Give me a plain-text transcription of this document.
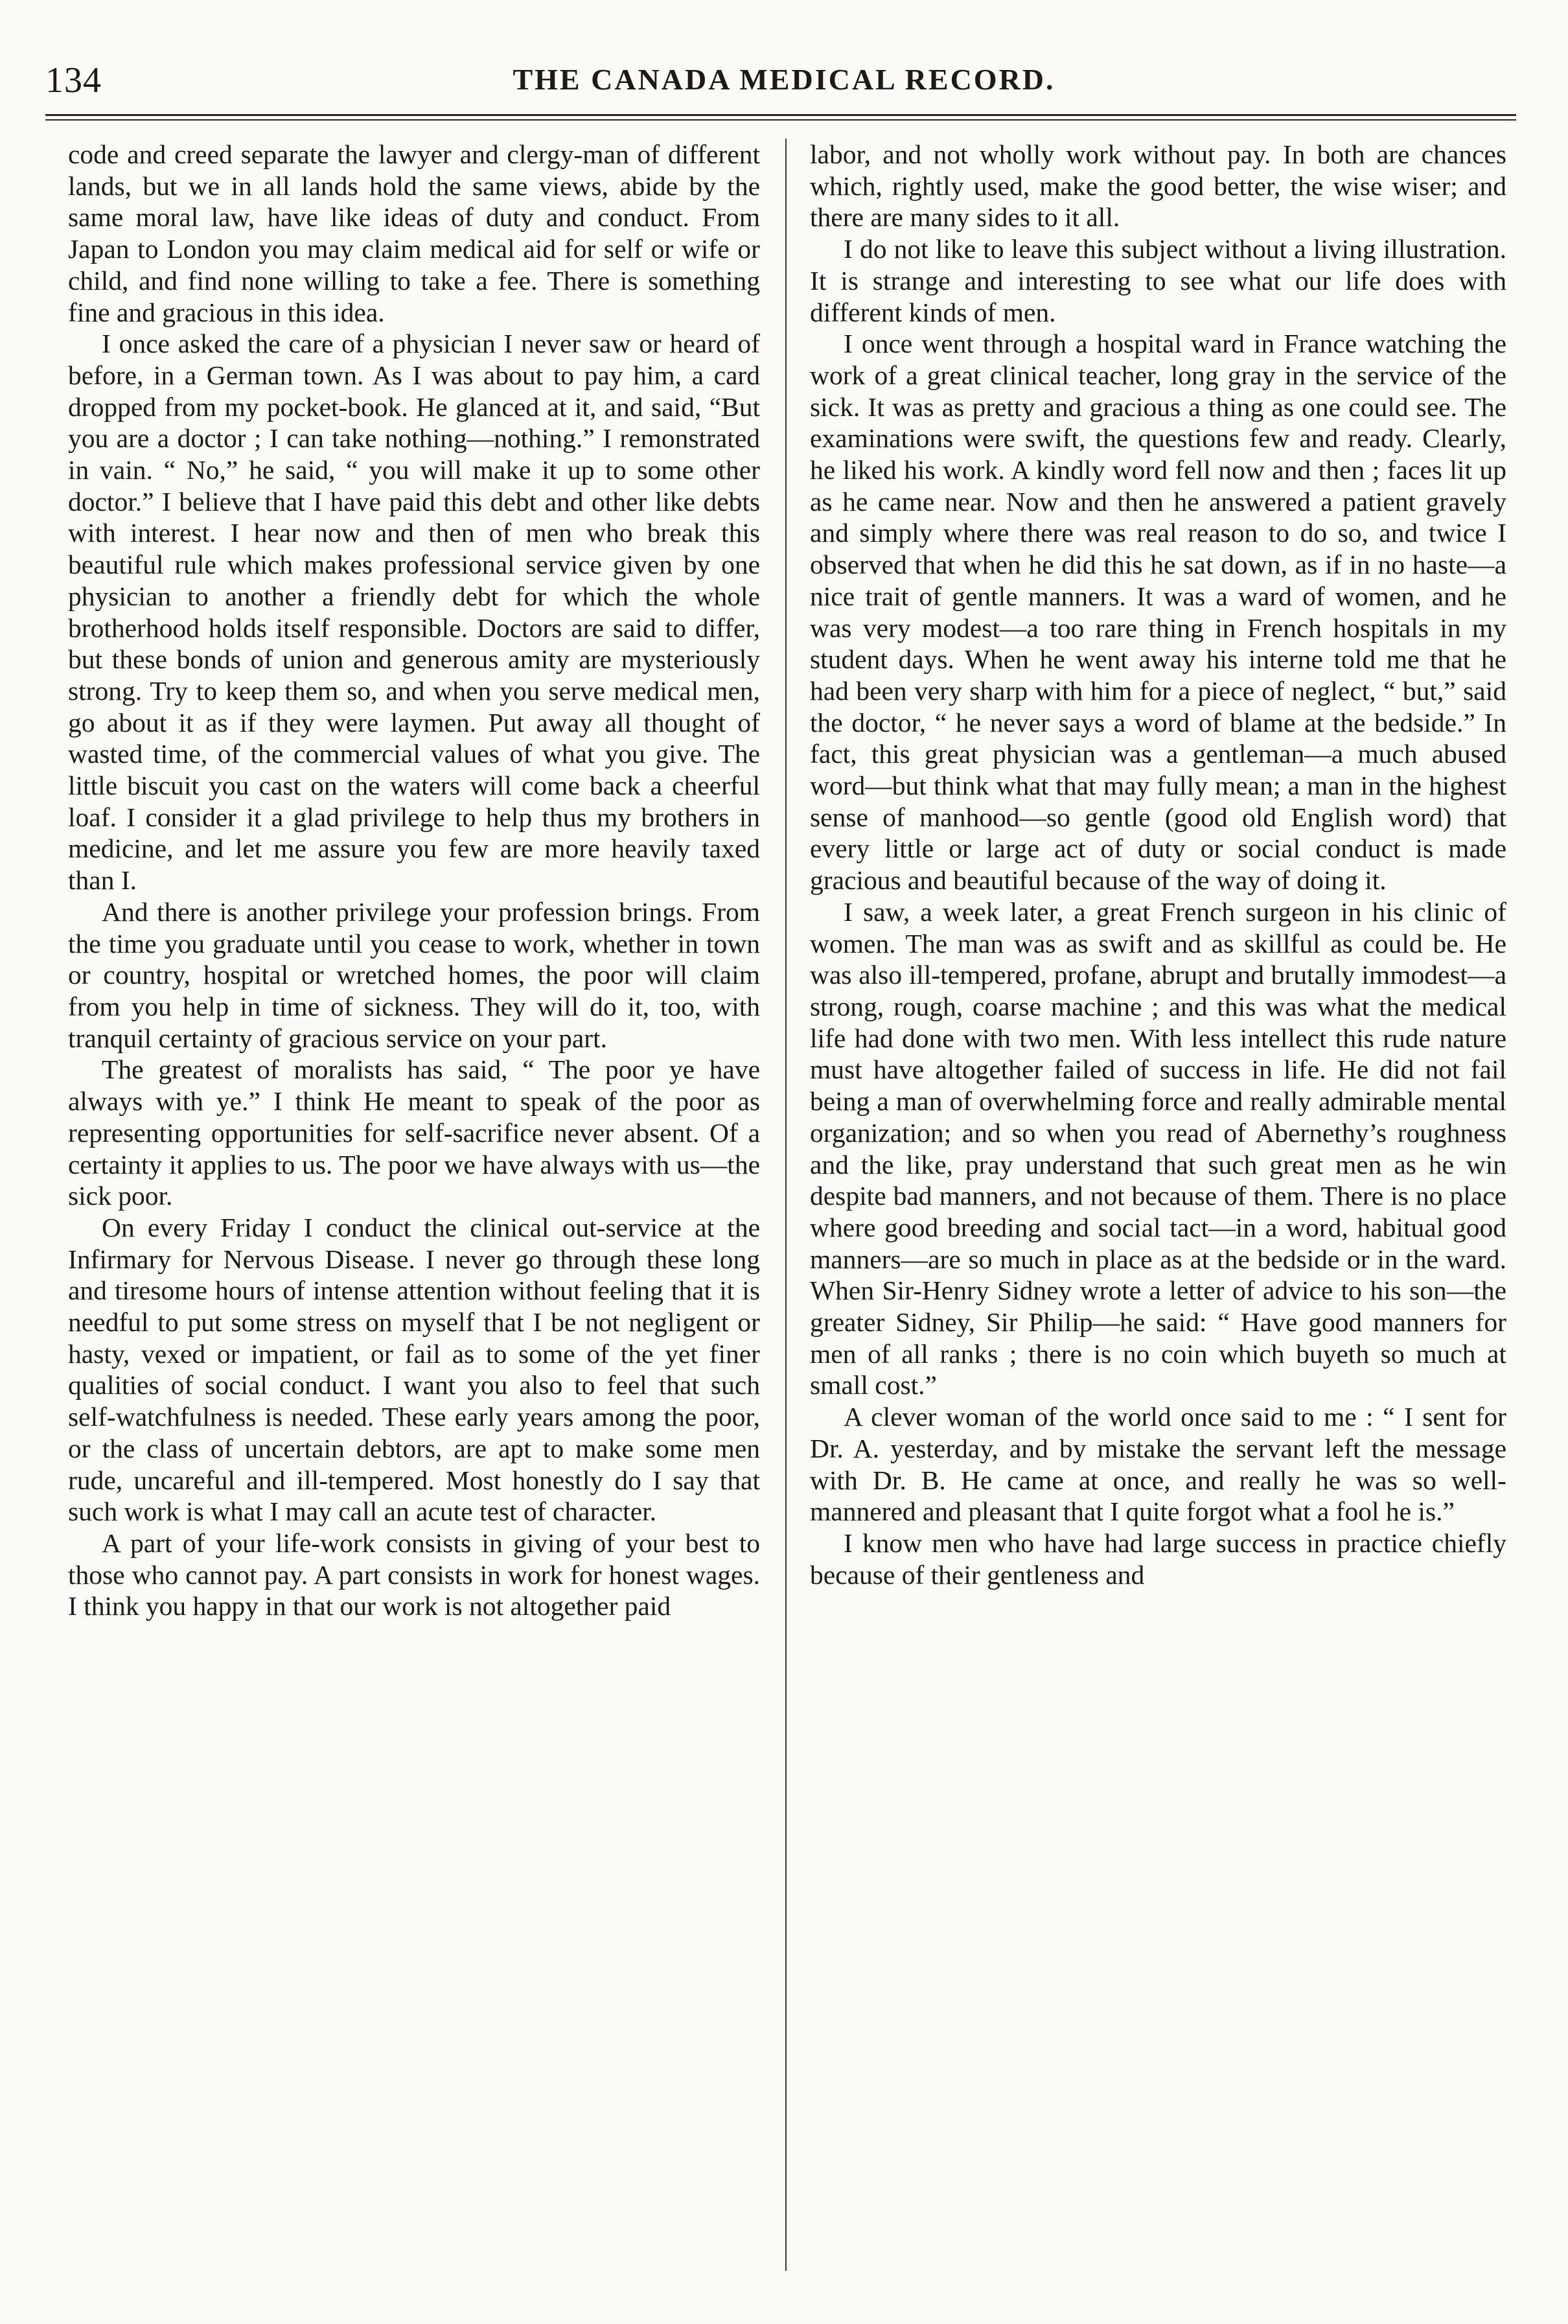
134	THE CANADA MEDICAL RECORD.

code and creed separate the lawyer and clergy-man of different lands, but we in all lands hold the same views, abide by the same moral law, have like ideas of duty and conduct. From Japan to London you may claim medical aid for self or wife or child, and find none willing to take a fee. There is something fine and gracious in this idea.

I once asked the care of a physician I never saw or heard of before, in a German town. As I was about to pay him, a card dropped from my pocket-book. He glanced at it, and said, “But you are a doctor ; I can take nothing—nothing.” I remonstrated in vain. “ No,” he said, “ you will make it up to some other doctor.” I believe that I have paid this debt and other like debts with interest. I hear now and then of men who break this beautiful rule which makes professional service given by one physician to another a friendly debt for which the whole brotherhood holds itself responsible. Doctors are said to differ, but these bonds of union and generous amity are mysteriously strong. Try to keep them so, and when you serve medical men, go about it as if they were laymen. Put away all thought of wasted time, of the commercial values of what you give. The little biscuit you cast on the waters will come back a cheerful loaf. I consider it a glad privilege to help thus my brothers in medicine, and let me assure you few are more heavily taxed than I.

And there is another privilege your profession brings. From the time you graduate until you cease to work, whether in town or country, hospital or wretched homes, the poor will claim from you help in time of sickness. They will do it, too, with tranquil certainty of gracious service on your part.

The greatest of moralists has said, “ The poor ye have always with ye.” I think He meant to speak of the poor as representing opportunities for self-sacrifice never absent. Of a certainty it applies to us. The poor we have always with us—the sick poor.

On every Friday I conduct the clinical out-service at the Infirmary for Nervous Disease. I never go through these long and tiresome hours of intense attention without feeling that it is needful to put some stress on myself that I be not negligent or hasty, vexed or impatient, or fail as to some of the yet finer qualities of social conduct. I want you also to feel that such self-watchfulness is needed. These early years among the poor, or the class of uncertain debtors, are apt to make some men rude, uncareful and ill-tempered. Most honestly do I say that such work is what I may call an acute test of character.

A part of your life-work consists in giving of your best to those who cannot pay. A part consists in work for honest wages. I think you happy in that our work is not altogether paid

labor, and not wholly work without pay. In both are chances which, rightly used, make the good better, the wise wiser; and there are many sides to it all.

I do not like to leave this subject without a living illustration. It is strange and interesting to see what our life does with different kinds of men.

I once went through a hospital ward in France watching the work of a great clinical teacher, long gray in the service of the sick. It was as pretty and gracious a thing as one could see. The examinations were swift, the questions few and ready. Clearly, he liked his work. A kindly word fell now and then ; faces lit up as he came near. Now and then he answered a patient gravely and simply where there was real reason to do so, and twice I observed that when he did this he sat down, as if in no haste—a nice trait of gentle manners. It was a ward of women, and he was very modest—a too rare thing in French hospitals in my student days. When he went away his interne told me that he had been very sharp with him for a piece of neglect, “ but,” said the doctor, “ he never says a word of blame at the bedside.” In fact, this great physician was a gentleman—a much abused word—but think what that may fully mean; a man in the highest sense of manhood—so gentle (good old English word) that every little or large act of duty or social conduct is made gracious and beautiful because of the way of doing it.

I saw, a week later, a great French surgeon in his clinic of women. The man was as swift and as skillful as could be. He was also ill-tempered, profane, abrupt and brutally immodest—a strong, rough, coarse machine ; and this was what the medical life had done with two men. With less intellect this rude nature must have altogether failed of success in life. He did not fail being a man of overwhelming force and really admirable mental organization; and so when you read of Abernethy’s roughness and the like, pray understand that such great men as he win despite bad manners, and not because of them. There is no place where good breeding and social tact—in a word, habitual good manners—are so much in place as at the bedside or in the ward. When Sir-Henry Sidney wrote a letter of advice to his son—the greater Sidney, Sir Philip—he said: “ Have good manners for men of all ranks ; there is no coin which buyeth so much at small cost.”

A clever woman of the world once said to me : “ I sent for Dr. A. yesterday, and by mistake the servant left the message with Dr. B. He came at once, and really he was so well-mannered and pleasant that I quite forgot what a fool he is.”

I know men who have had large success in practice chiefly because of their gentleness and
